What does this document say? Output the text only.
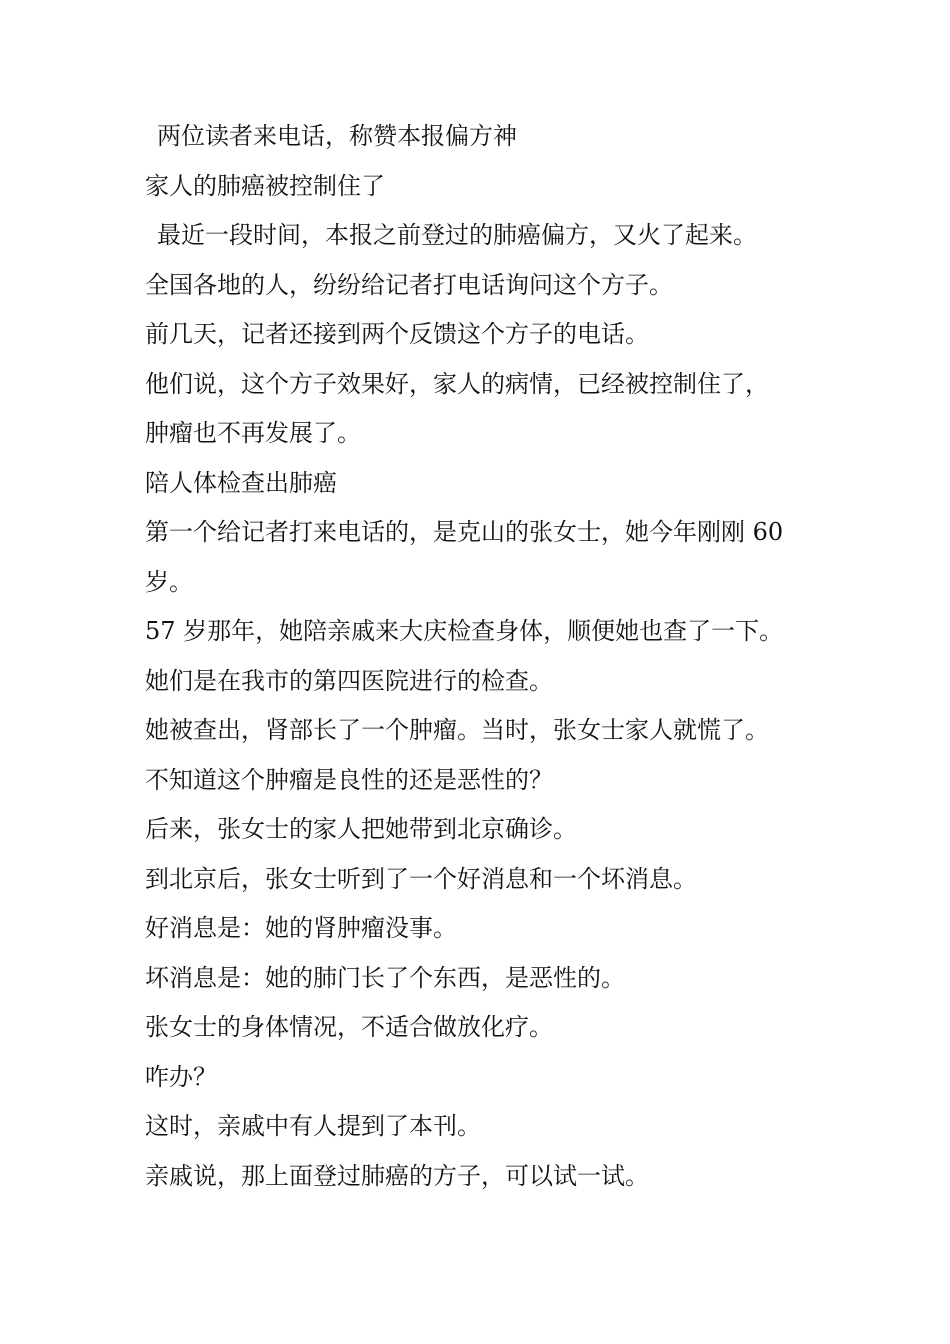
两位读者来电话，称赞本报偏方神
家人的肺癌被控制住了
最近一段时间，本报之前登过的肺癌偏方，又火了起来。
全国各地的人，纷纷给记者打电话询问这个方子。
前几天，记者还接到两个反馈这个方子的电话。
他们说，这个方子效果好，家人的病情，已经被控制住了，
肿瘤也不再发展了。
陪人体检查出肺癌
第一个给记者打来电话的，是克山的张女士，她今年刚刚 60
岁。
57 岁那年，她陪亲戚来大庆检查身体，顺便她也查了一下。
她们是在我市的第四医院进行的检查。
她被查出，肾部长了一个肿瘤。当时，张女士家人就慌了。
不知道这个肿瘤是良性的还是恶性的？
后来，张女士的家人把她带到北京确诊。
到北京后，张女士听到了一个好消息和一个坏消息。
好消息是：她的肾肿瘤没事。
坏消息是：她的肺门长了个东西，是恶性的。
张女士的身体情况，不适合做放化疗。
咋办？
这时，亲戚中有人提到了本刊。
亲戚说，那上面登过肺癌的方子，可以试一试。
